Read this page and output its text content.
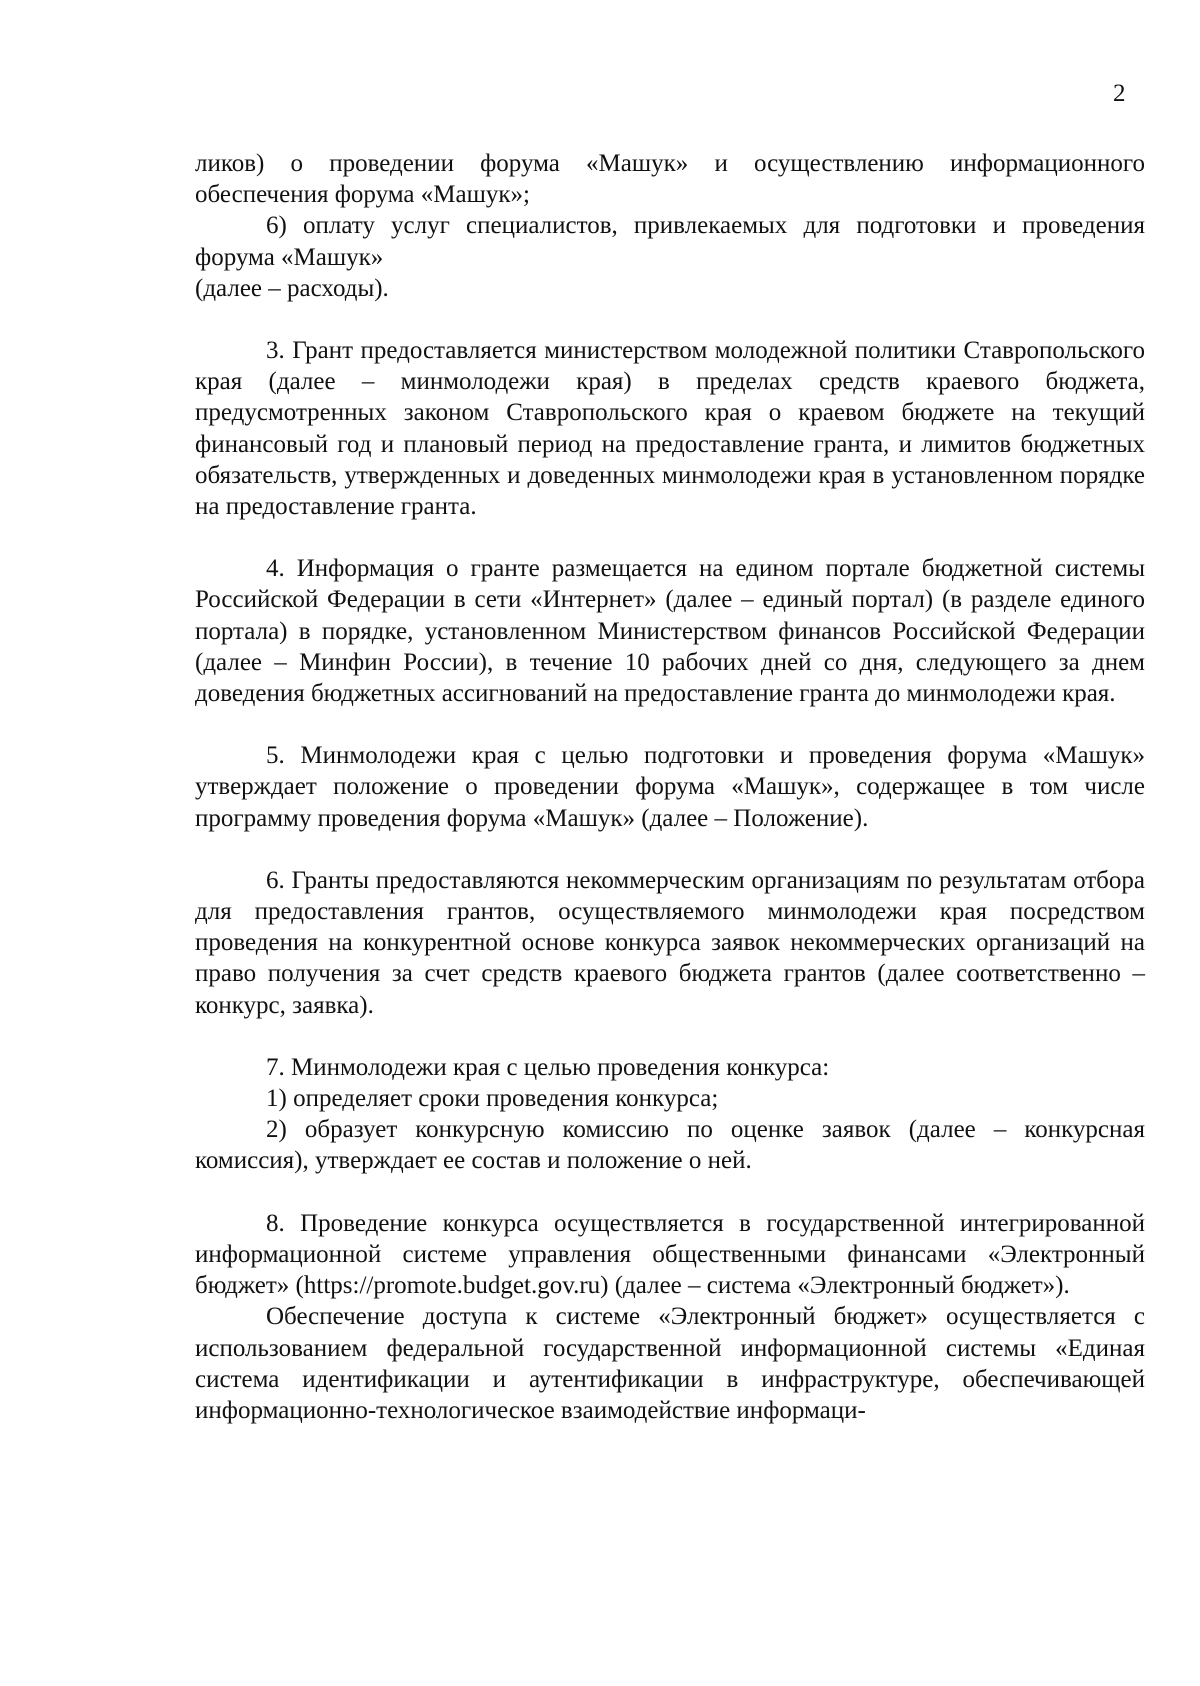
2

ликов) о проведении форума «Машук» и осуществлению информационного обеспечения форума «Машук»;

6) оплату услуг специалистов, привлекаемых для подготовки и проведения форума «Машук»

(далее – расходы).

3. Грант предоставляется министерством молодежной политики Ставропольского края (далее – минмолодежи края) в пределах средств краевого бюджета, предусмотренных законом Ставропольского края о краевом бюджете на текущий финансовый год и плановый период на предоставление гранта, и лимитов бюджетных обязательств, утвержденных и доведенных минмолодежи края в установленном порядке на предоставление гранта.

4. Информация о гранте размещается на едином портале бюджетной системы Российской Федерации в сети «Интернет» (далее – единый портал) (в разделе единого портала) в порядке, установленном Министерством финансов Российской Федерации (далее – Минфин России), в течение 10 рабочих дней со дня, следующего за днем доведения бюджетных ассигнований на предоставление гранта до минмолодежи края.

5. Минмолодежи края с целью подготовки и проведения форума «Машук» утверждает положение о проведении форума «Машук», содержащее в том числе программу проведения форума «Машук» (далее – Положение).

6. Гранты предоставляются некоммерческим организациям по результатам отбора для предоставления грантов, осуществляемого минмолодежи края посредством проведения на конкурентной основе конкурса заявок некоммерческих организаций на право получения за счет средств краевого бюджета грантов (далее соответственно – конкурс, заявка).

7. Минмолодежи края с целью проведения конкурса:

1) определяет сроки проведения конкурса;

2) образует конкурсную комиссию по оценке заявок (далее – конкурсная комиссия), утверждает ее состав и положение о ней.

8. Проведение конкурса осуществляется в государственной интегрированной информационной системе управления общественными финансами «Электронный бюджет» (https://promote.budget.gov.ru) (далее – система «Электронный бюджет»).

Обеспечение доступа к системе «Электронный бюджет» осуществляется с использованием федеральной государственной информационной системы «Единая система идентификации и аутентификации в инфраструктуре, обеспечивающей информационно-технологическое взаимодействие информаци-
